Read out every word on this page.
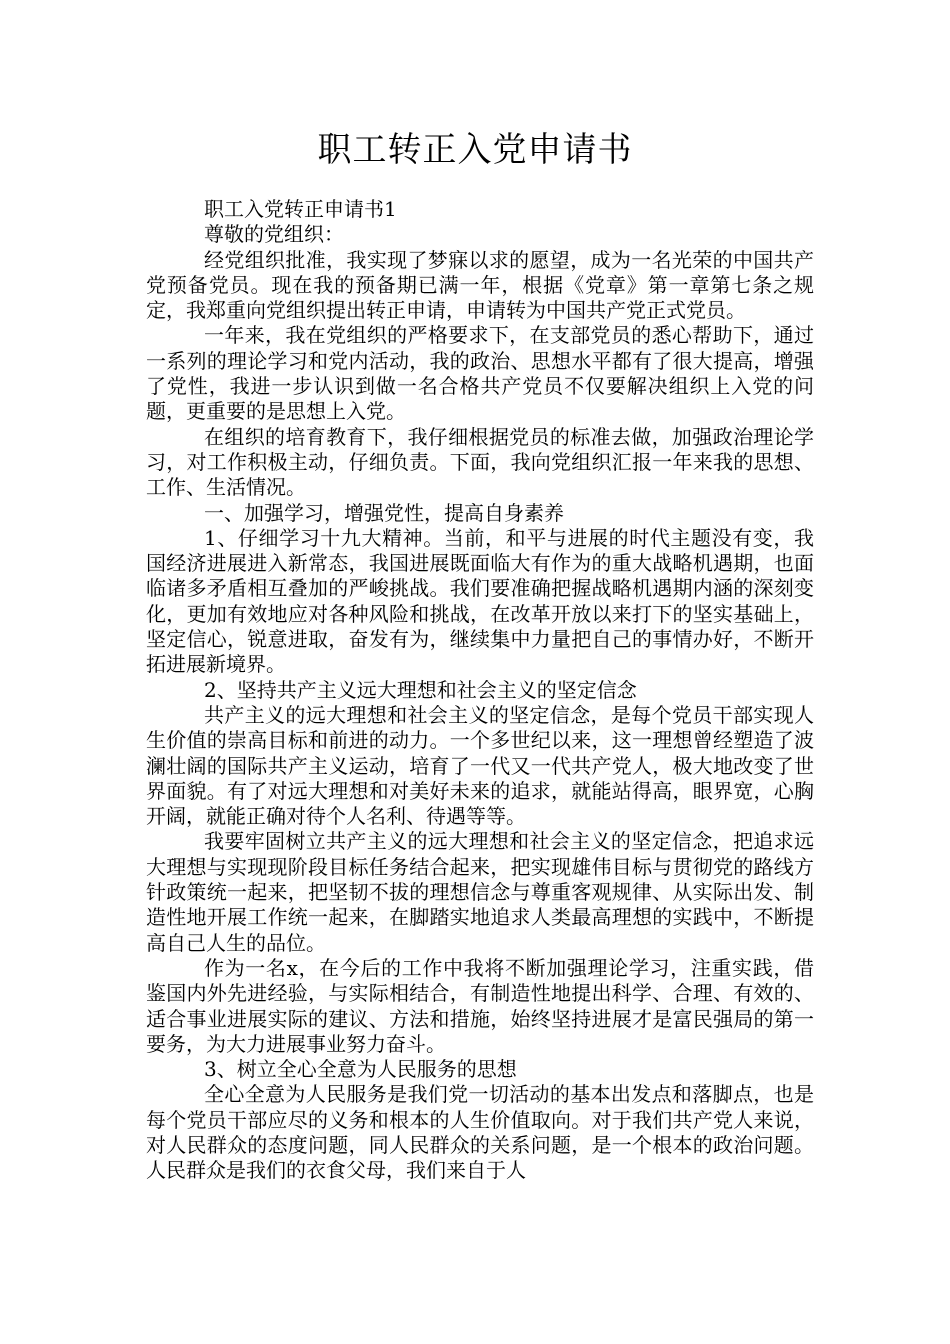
职工转正入党申请书

职工入党转正申请书1

尊敬的党组织：

经党组织批准，我实现了梦寐以求的愿望，成为一名光荣的中国共产党预备党员。现在我的预备期已满一年，根据《党章》第一章第七条之规定，我郑重向党组织提出转正申请，申请转为中国共产党正式党员。

一年来，我在党组织的严格要求下，在支部党员的悉心帮助下，通过一系列的理论学习和党内活动，我的政治、思想水平都有了很大提高，增强了党性，我进一步认识到做一名合格共产党员不仅要解决组织上入党的问题，更重要的是思想上入党。

在组织的培育教育下，我仔细根据党员的标准去做，加强政治理论学习，对工作积极主动，仔细负责。下面，我向党组织汇报一年来我的思想、工作、生活情况。

一、加强学习，增强党性，提高自身素养

1、仔细学习十九大精神。当前，和平与进展的时代主题没有变，我国经济进展进入新常态，我国进展既面临大有作为的重大战略机遇期，也面临诸多矛盾相互叠加的严峻挑战。我们要准确把握战略机遇期内涵的深刻变化，更加有效地应对各种风险和挑战，在改革开放以来打下的坚实基础上，坚定信心，锐意进取，奋发有为，继续集中力量把自己的事情办好，不断开拓进展新境界。

2、坚持共产主义远大理想和社会主义的坚定信念

共产主义的远大理想和社会主义的坚定信念，是每个党员干部实现人生价值的崇高目标和前进的动力。一个多世纪以来，这一理想曾经塑造了波澜壮阔的国际共产主义运动，培育了一代又一代共产党人，极大地改变了世界面貌。有了对远大理想和对美好未来的追求，就能站得高，眼界宽，心胸开阔，就能正确对待个人名利、待遇等等。

我要牢固树立共产主义的远大理想和社会主义的坚定信念，把追求远大理想与实现现阶段目标任务结合起来，把实现雄伟目标与贯彻党的路线方针政策统一起来，把坚韧不拔的理想信念与尊重客观规律、从实际出发、制造性地开展工作统一起来，在脚踏实地追求人类最高理想的实践中，不断提高自己人生的品位。

作为一名x，在今后的工作中我将不断加强理论学习，注重实践，借鉴国内外先进经验，与实际相结合，有制造性地提出科学、合理、有效的、适合事业进展实际的建议、方法和措施，始终坚持进展才是富民强局的第一要务，为大力进展事业努力奋斗。

3、树立全心全意为人民服务的思想

全心全意为人民服务是我们党一切活动的基本出发点和落脚点，也是每个党员干部应尽的义务和根本的人生价值取向。对于我们共产党人来说，对人民群众的态度问题，同人民群众的关系问题，是一个根本的政治问题。人民群众是我们的衣食父母，我们来自于人
